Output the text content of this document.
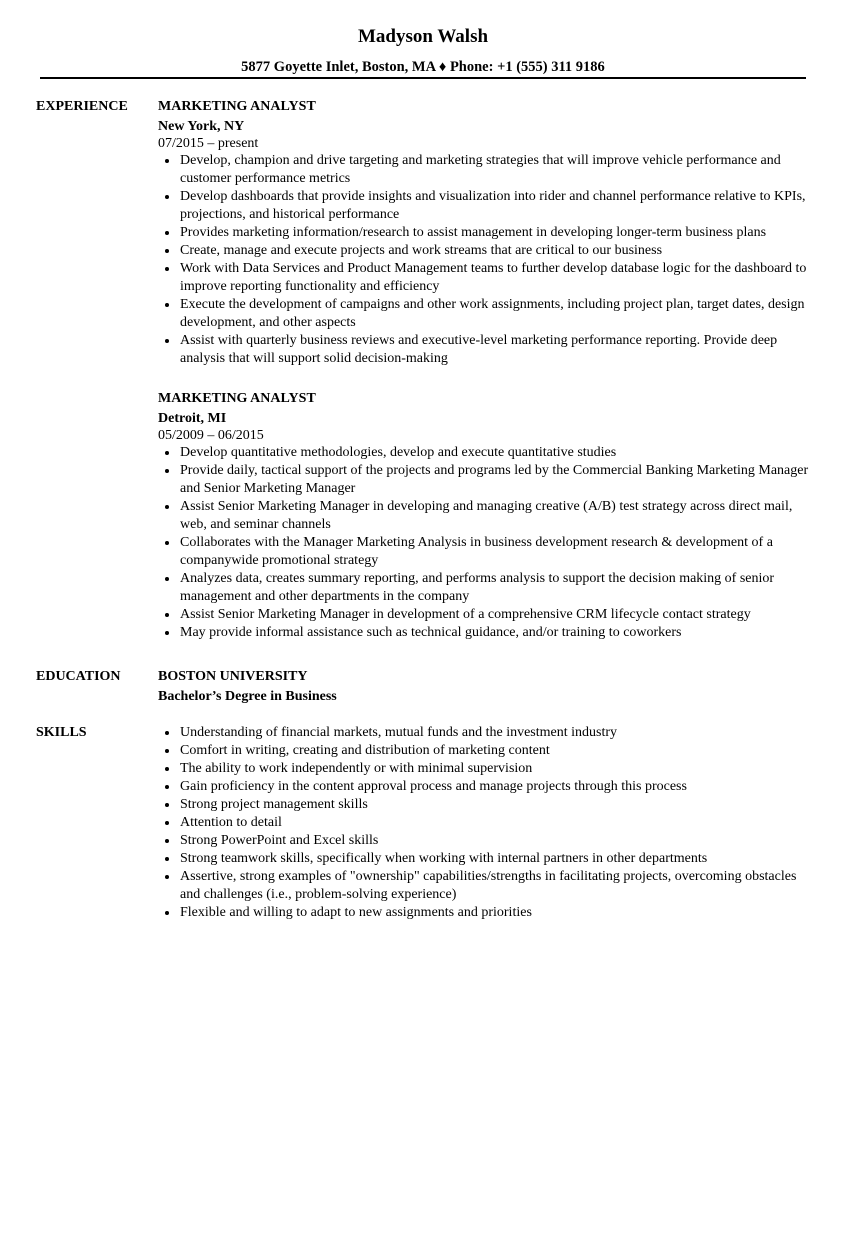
Madyson Walsh
5877 Goyette Inlet, Boston, MA ♦ Phone: +1 (555) 311 9186
EXPERIENCE MARKETING ANALYST
New York, NY
07/2015 – present
Develop, champion and drive targeting and marketing strategies that will improve vehicle performance and customer performance metrics
Develop dashboards that provide insights and visualization into rider and channel performance relative to KPIs, projections, and historical performance
Provides marketing information/research to assist management in developing longer-term business plans
Create, manage and execute projects and work streams that are critical to our business
Work with Data Services and Product Management teams to further develop database logic for the dashboard to improve reporting functionality and efficiency
Execute the development of campaigns and other work assignments, including project plan, target dates, design development, and other aspects
Assist with quarterly business reviews and executive-level marketing performance reporting. Provide deep analysis that will support solid decision-making
MARKETING ANALYST
Detroit, MI
05/2009 – 06/2015
Develop quantitative methodologies, develop and execute quantitative studies
Provide daily, tactical support of the projects and programs led by the Commercial Banking Marketing Manager and Senior Marketing Manager
Assist Senior Marketing Manager in developing and managing creative (A/B) test strategy across direct mail, web, and seminar channels
Collaborates with the Manager Marketing Analysis in business development research & development of a companywide promotional strategy
Analyzes data, creates summary reporting, and performs analysis to support the decision making of senior management and other departments in the company
Assist Senior Marketing Manager in development of a comprehensive CRM lifecycle contact strategy
May provide informal assistance such as technical guidance, and/or training to coworkers
EDUCATION	BOSTON UNIVERSITY
Bachelor’s Degree in Business
SKILLS	Understanding of financial markets, mutual funds and the investment industry
Comfort in writing, creating and distribution of marketing content
The ability to work independently or with minimal supervision
Gain proficiency in the content approval process and manage projects through this process
Strong project management skills
Attention to detail
Strong PowerPoint and Excel skills
Strong teamwork skills, specifically when working with internal partners in other departments
Assertive, strong examples of "ownership" capabilities/strengths in facilitating projects, overcoming obstacles and challenges (i.e., problem-solving experience)
Flexible and willing to adapt to new assignments and priorities
